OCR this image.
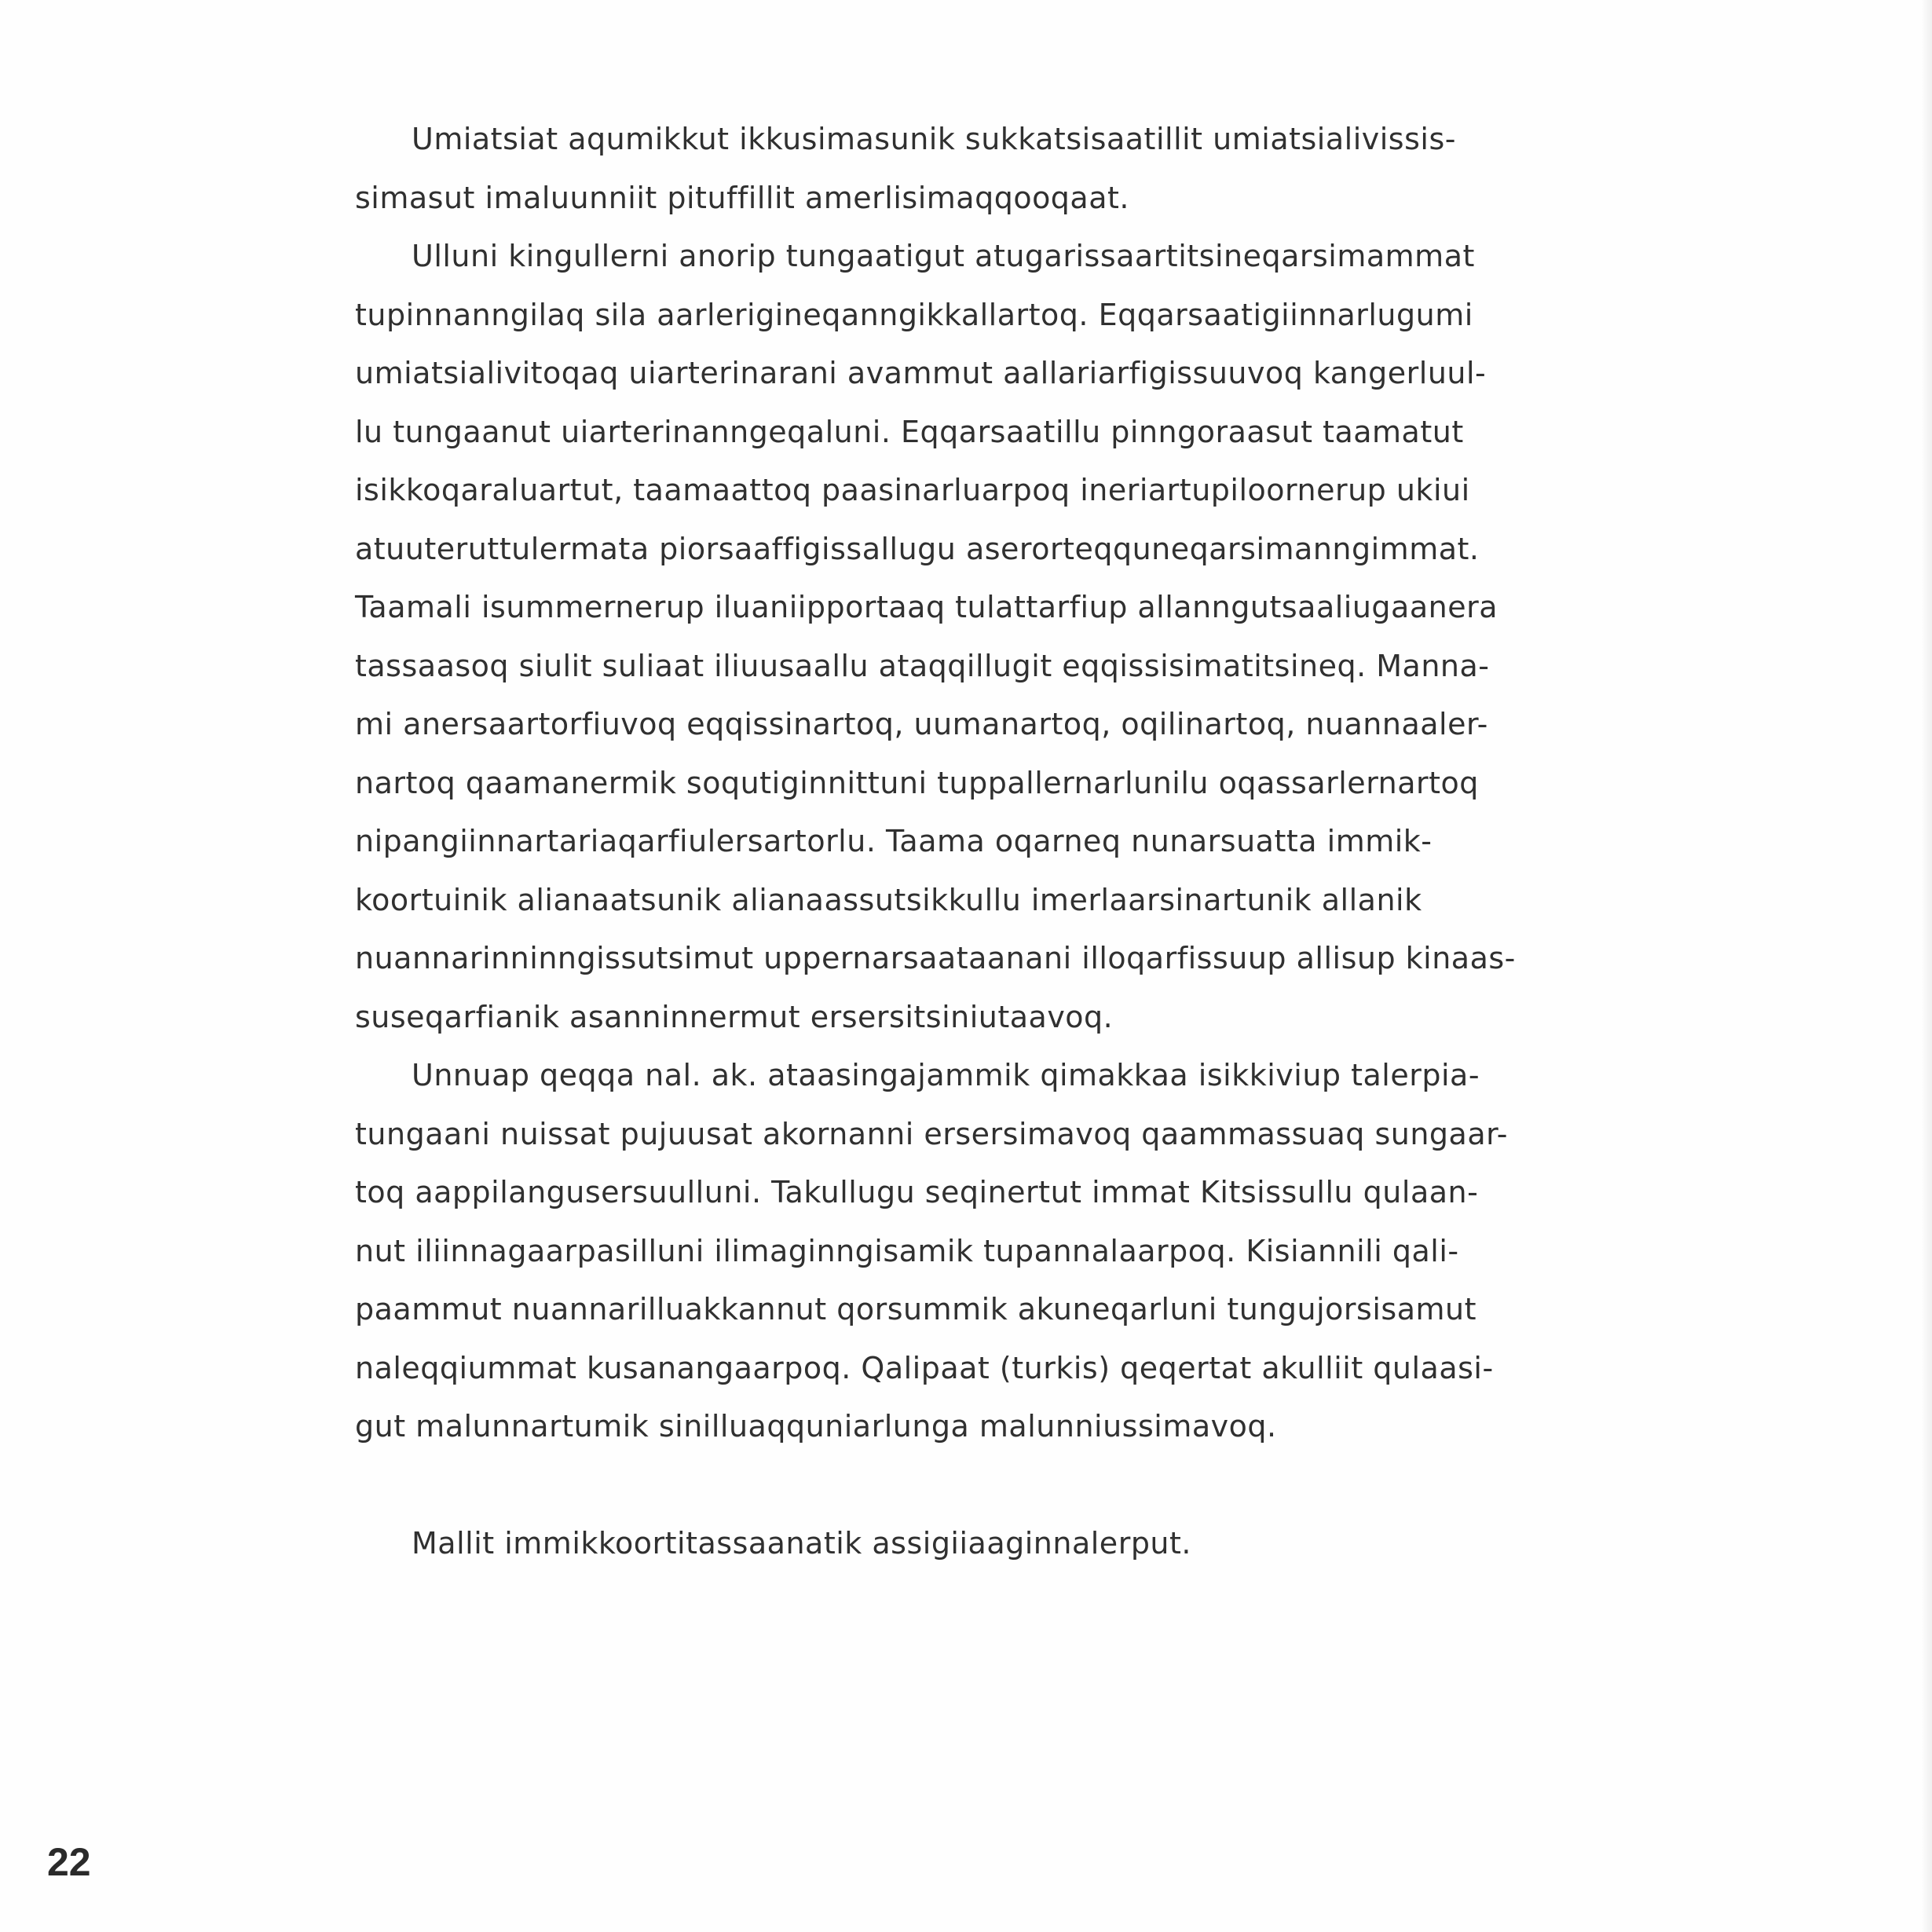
Umiatsiat aqumikkut ikkusimasunik sukkatsisaatillit umiatsialivissis-
simasut imaluunniit pituffillit amerlisimaqqooqaat.

Ulluni kingullerni anorip tungaatigut atugarissaartitsineqarsimammat
tupinnanngilaq sila aarlerigineqanngikkallartoq. Eqqarsaatigiinnarlugumi
umiatsialivitoqaq uiarterinarani avammut aallariarfigissuuvoq kangerluul-
lu tungaanut uiarterinanngeqaluni. Eqqarsaatillu pinngoraasut taamatut
isikkoqaraluartut, taamaattoq paasinarluarpoq ineriartupiloornerup ukiui
atuuteruttulermata piorsaaffigissallugu aserorteqquneqarsimanngimmat.
Taamali isummernerup iluaniipportaaq tulattarfiup allanngutsaaliugaanera
tassaasoq siulit suliaat iliuusaallu ataqqillugit eqqissisimatitsineq. Manna-
mi anersaartorfiuvoq eqqissinartoq, uumanartoq, oqilinartoq, nuannaaler-
nartoq qaamanermik soqutiginnittuni tuppallernarlunilu oqassarlernartoq
nipangiinnartariaqarfiulersartorlu. Taama oqarneq nunarsuatta immik-
koortuinik alianaatsunik alianaassutsikkullu imerlaarsinartunik allanik
nuannarinninngissutsimut uppernarsaataanani illoqarfissuup allisup kinaas-
suseqarfianik asanninnermut ersersitsiniutaavoq.

Unnuap qeqqa nal. ak. ataasingajammik qimakkaa isikkiviup talerpia-
tungaani nuissat pujuusat akornanni ersersimavoq qaammassuaq sungaar-
toq aappilangusersuulluni. Takullugu seqinertut immat Kitsissullu qulaan-
nut iliinnagaarpasilluni ilimaginngisamik tupannalaarpoq. Kisiannili qali-
paammut nuannarilluakkannut qorsummik akuneqarluni tungujorsisamut
naleqqiummat kusanangaarpoq. Qalipaat (turkis) qeqertat akulliit qulaasi-
gut malunnartumik sinilluaqquniarlunga malunniussimavoq.

Mallit immikkoortitassaanatik assigiiaaginnalerput.

22
